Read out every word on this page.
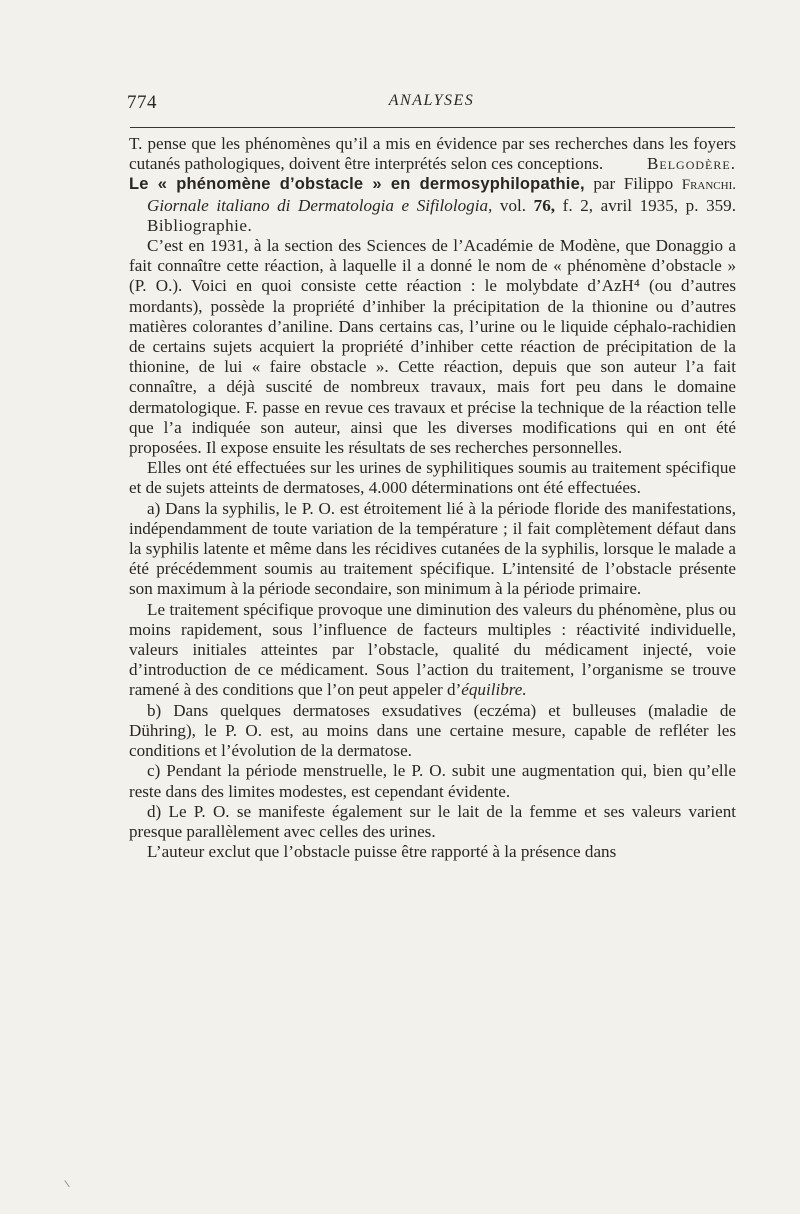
774	ANALYSES

T. pense que les phénomènes qu’il a mis en évidence par ses recherches dans les foyers cutanés pathologiques, doivent être interprétés selon ces conceptions.	Belgodère.

Le « phénomène d’obstacle » en dermosyphilopathie, par Filippo Franchi. Giornale italiano di Dermatologia e Sifilologia, vol. 76, f. 2, avril 1935, p. 359. Bibliographie.

C’est en 1931, à la section des Sciences de l’Académie de Modène, que Donaggio a fait connaître cette réaction, à laquelle il a donné le nom de « phénomène d’obstacle » (P. O.). Voici en quoi consiste cette réaction : le molybdate d’AzH⁴ (ou d’autres mordants), possède la propriété d’inhiber la précipitation de la thionine ou d’autres matières colorantes d’aniline. Dans certains cas, l’urine ou le liquide céphalo-rachidien de certains sujets acquiert la propriété d’inhiber cette réaction de précipitation de la thionine, de lui « faire obstacle ». Cette réaction, depuis que son auteur l’a fait connaître, a déjà suscité de nombreux travaux, mais fort peu dans le domaine dermatologique. F. passe en revue ces travaux et précise la technique de la réaction telle que l’a indiquée son auteur, ainsi que les diverses modifications qui en ont été proposées. Il expose ensuite les résultats de ses recherches personnelles.

Elles ont été effectuées sur les urines de syphilitiques soumis au traitement spécifique et de sujets atteints de dermatoses, 4.000 déterminations ont été effectuées.

a) Dans la syphilis, le P. O. est étroitement lié à la période floride des manifestations, indépendamment de toute variation de la température ; il fait complètement défaut dans la syphilis latente et même dans les récidives cutanées de la syphilis, lorsque le malade a été précédemment soumis au traitement spécifique. L’intensité de l’obstacle présente son maximum à la période secondaire, son minimum à la période primaire.

Le traitement spécifique provoque une diminution des valeurs du phénomène, plus ou moins rapidement, sous l’influence de facteurs multiples : réactivité individuelle, valeurs initiales atteintes par l’obstacle, qualité du médicament injecté, voie d’introduction de ce médicament. Sous l’action du traitement, l’organisme se trouve ramené à des conditions que l’on peut appeler d’équilibre.

b) Dans quelques dermatoses exsudatives (eczéma) et bulleuses (maladie de Dühring), le P. O. est, au moins dans une certaine mesure, capable de refléter les conditions et l’évolution de la dermatose.

c) Pendant la période menstruelle, le P. O. subit une augmentation qui, bien qu’elle reste dans des limites modestes, est cependant évidente.

d) Le P. O. se manifeste également sur le lait de la femme et ses valeurs varient presque parallèlement avec celles des urines.

L’auteur exclut que l’obstacle puisse être rapporté à la présence dans
